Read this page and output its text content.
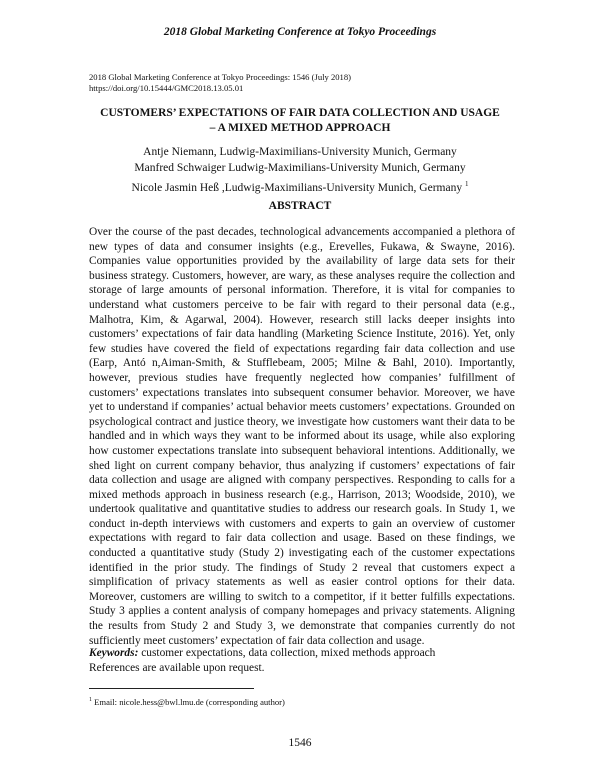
2018 Global Marketing Conference at Tokyo Proceedings
2018 Global Marketing Conference at Tokyo Proceedings: 1546 (July 2018)
https://doi.org/10.15444/GMC2018.13.05.01
CUSTOMERS’ EXPECTATIONS OF FAIR DATA COLLECTION AND USAGE
– A MIXED METHOD APPROACH
Antje Niemann, Ludwig-Maximilians-University Munich, Germany
Manfred Schwaiger Ludwig-Maximilians-University Munich, Germany
Nicole Jasmin Heß ,Ludwig-Maximilians-University Munich, Germany $^1$
ABSTRACT

Over the course of the past decades, technological advancements accompanied a plethora of new types of data and consumer insights (e.g., Erevelles, Fukawa, & Swayne, 2016). Companies value opportunities provided by the availability of large data sets for their business strategy. Customers, however, are wary, as these analyses require the collection and storage of large amounts of personal information. Therefore, it is vital for companies to understand what customers perceive to be fair with regard to their personal data (e.g., Malhotra, Kim, & Agarwal, 2004). However, research still lacks deeper insights into customers’ expectations of fair data handling (Marketing Science Institute, 2016). Yet, only few studies have covered the field of expectations regarding fair data collection and use (Earp, Antó n,Aiman-Smith, & Stufflebeam, 2005; Milne & Bahl, 2010). Importantly, however, previous studies have frequently neglected how companies’ fulfillment of customers’ expectations translates into subsequent consumer behavior. Moreover, we have yet to understand if companies’ actual behavior meets customers’ expectations. Grounded on psychological contract and justice theory, we investigate how customers want their data to be handled and in which ways they want to be informed about its usage, while also exploring how customer expectations translate into subsequent behavioral intentions. Additionally, we shed light on current company behavior, thus analyzing if customers’ expectations of fair data collection and usage are aligned with company perspectives. Responding to calls for a mixed methods approach in business research (e.g., Harrison, 2013; Woodside, 2010), we undertook qualitative and quantitative studies to address our research goals. In Study 1, we conduct in-depth interviews with customers and experts to gain an overview of customer expectations with regard to fair data collection and usage. Based on these findings, we conducted a quantitative study (Study 2) investigating each of the customer expectations identified in the prior study. The findings of Study 2 reveal that customers expect a simplification of privacy statements as well as easier control options for their data. Moreover, customers are willing to switch to a competitor, if it better fulfills expectations. Study 3 applies a content analysis of company homepages and privacy statements. Aligning the results from Study 2 and Study 3, we demonstrate that companies currently do not sufficiently meet customers’ expectation of fair data collection and usage.

Keywords: customer expectations, data collection, mixed methods approach
References are available upon request.
$^1$ Email: nicole.hess@bwl.lmu.de (corresponding author)
1546
